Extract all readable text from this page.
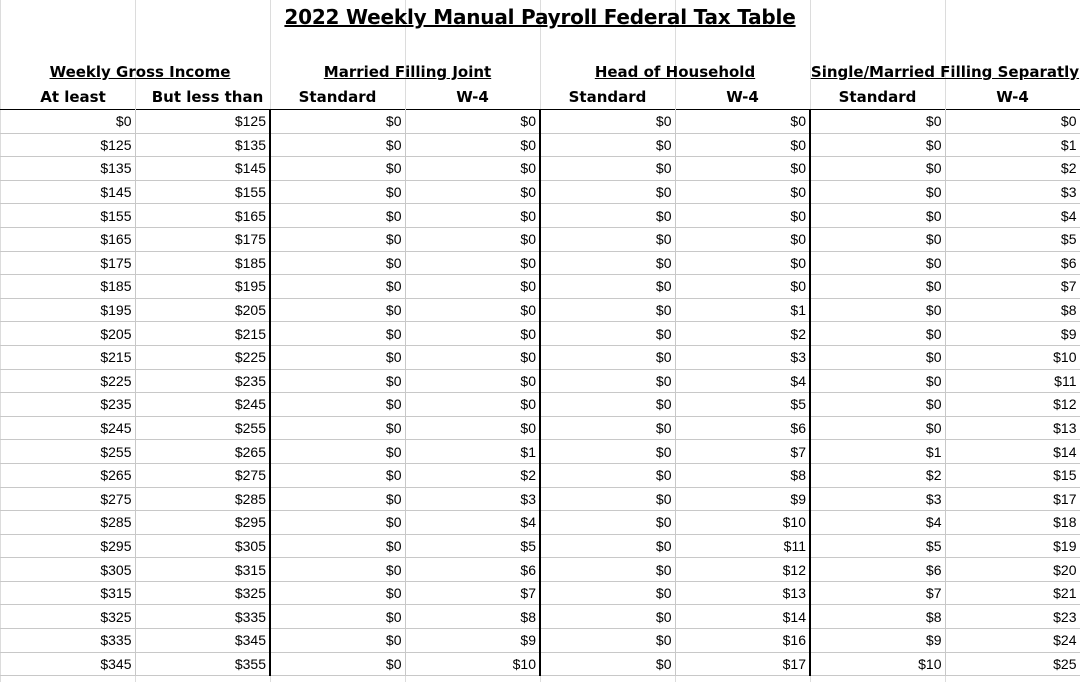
2022 Weekly Manual Payroll Federal Tax Table
Weekly Gross Income	Married Filling Joint	Head of Household	Single/Married Filling Separatly
At least	But less than	Standard	W-4	Standard	W-4	Standard	W-4
$0	$125	$0	$0	$0	$0	$0	$0
$125	$135	$0	$0	$0	$0	$0	$1
$135	$145	$0	$0	$0	$0	$0	$2
$145	$155	$0	$0	$0	$0	$0	$3
$155	$165	$0	$0	$0	$0	$0	$4
$165	$175	$0	$0	$0	$0	$0	$5
$175	$185	$0	$0	$0	$0	$0	$6
$185	$195	$0	$0	$0	$0	$0	$7
$195	$205	$0	$0	$0	$1	$0	$8
$205	$215	$0	$0	$0	$2	$0	$9
$215	$225	$0	$0	$0	$3	$0	$10
$225	$235	$0	$0	$0	$4	$0	$11
$235	$245	$0	$0	$0	$5	$0	$12
$245	$255	$0	$0	$0	$6	$0	$13
$255	$265	$0	$1	$0	$7	$1	$14
$265	$275	$0	$2	$0	$8	$2	$15
$275	$285	$0	$3	$0	$9	$3	$17
$285	$295	$0	$4	$0	$10	$4	$18
$295	$305	$0	$5	$0	$11	$5	$19
$305	$315	$0	$6	$0	$12	$6	$20
$315	$325	$0	$7	$0	$13	$7	$21
$325	$335	$0	$8	$0	$14	$8	$23
$335	$345	$0	$9	$0	$16	$9	$24
$345	$355	$0	$10	$0	$17	$10	$25
